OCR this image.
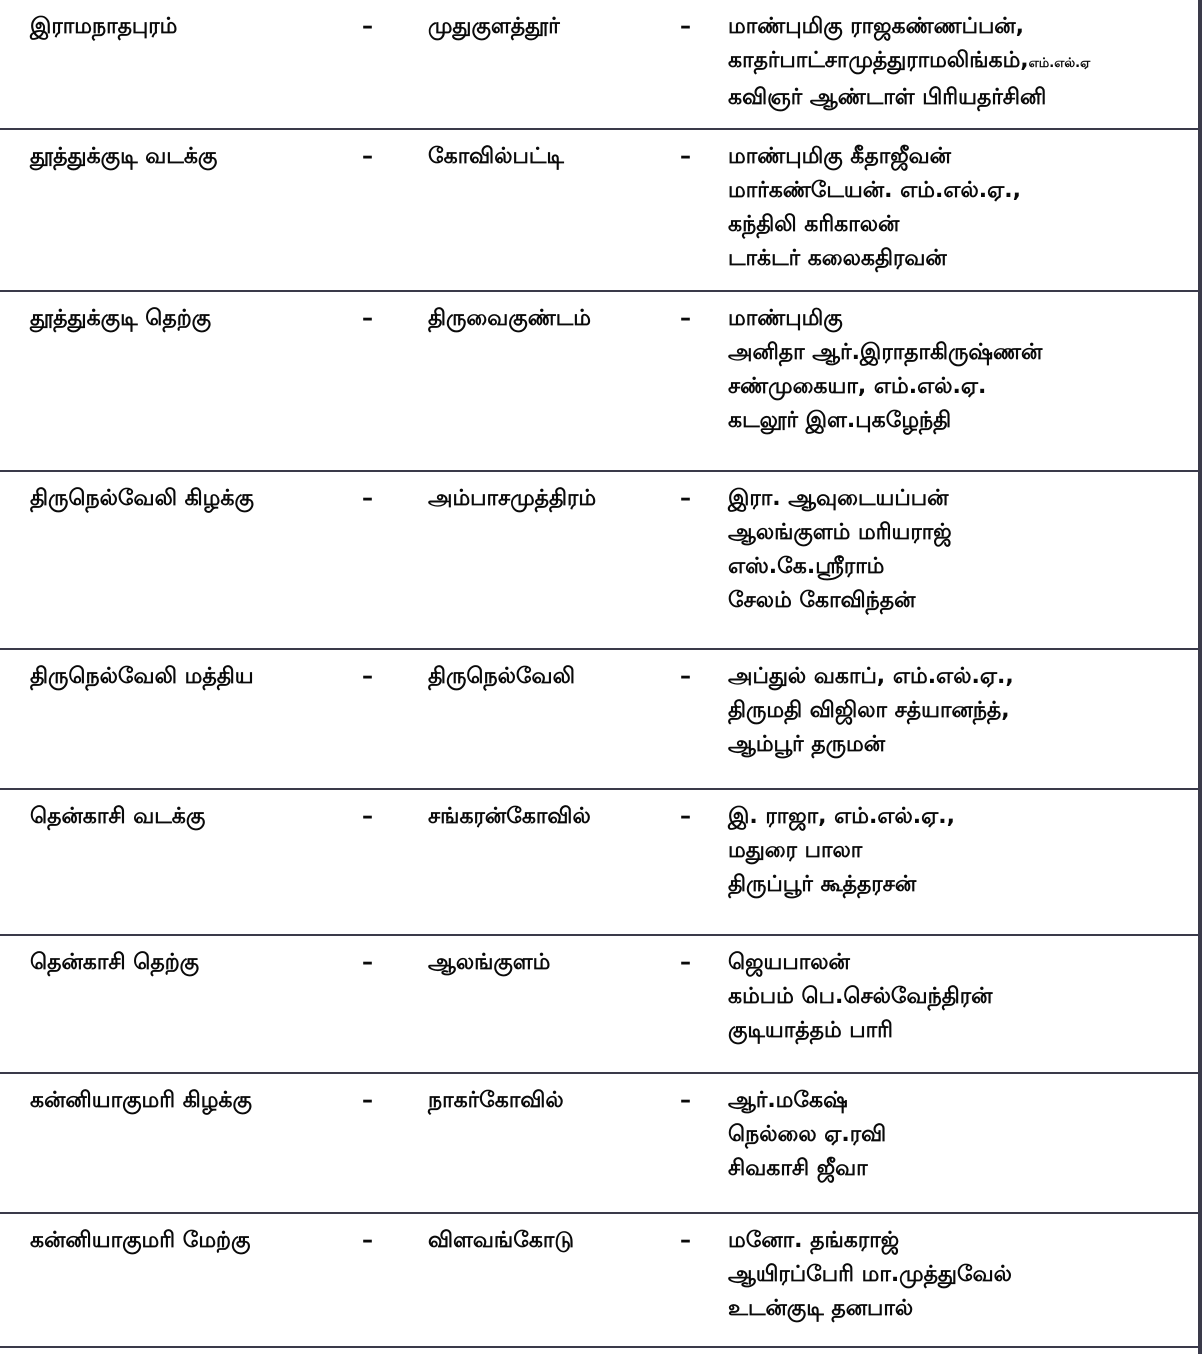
இராமநாதபுரம்	–	முதுகுளத்தூர்	– மாண்புமிகு ராஜகண்ணப்பன்,
காதர்பாட்சாமுத்துராமலிங்கம்,எம்.எல்.ஏ
கவிஞர் ஆண்டாள் பிரியதர்சினி
தூத்துக்குடி வடக்கு	–	கோவில்பட்டி	– மாண்புமிகு கீதாஜீவன்
மார்கண்டேயன். எம்.எல்.ஏ.,
கந்திலி கரிகாலன்
டாக்டர் கலைகதிரவன்
தூத்துக்குடி தெற்கு	–	திருவைகுண்டம்	– மாண்புமிகு
அனிதா ஆர்.இராதாகிருஷ்ணன்
சண்முகையா, எம்.எல்.ஏ.
கடலூர் இள.புகழேந்தி
திருநெல்வேலி கிழக்கு	–	அம்பாசமுத்திரம்	– இரா. ஆவுடையப்பன்
ஆலங்குளம் மரியராஜ்
எஸ்.கே.ஸ்ரீராம்
சேலம் கோவிந்தன்
திருநெல்வேலி மத்திய	–	திருநெல்வேலி	– அப்துல் வகாப், எம்.எல்.ஏ.,
திருமதி விஜிலா சத்யானந்த்,
ஆம்பூர் தருமன்
தென்காசி வடக்கு	–	சங்கரன்கோவில்	– இ. ராஜா, எம்.எல்.ஏ.,
மதுரை பாலா
திருப்பூர் கூத்தரசன்
தென்காசி தெற்கு	–	ஆலங்குளம்	– ஜெயபாலன்
கம்பம் பெ.செல்வேந்திரன்
குடியாத்தம் பாரி
கன்னியாகுமரி கிழக்கு	–	நாகர்கோவில்	– ஆர்.மகேஷ்
நெல்லை ஏ.ரவி
சிவகாசி ஜீவா
கன்னியாகுமரி மேற்கு	–	விளவங்கோடு	– மனோ. தங்கராஜ்
ஆயிரப்பேரி மா.முத்துவேல்
உடன்குடி தனபால்
